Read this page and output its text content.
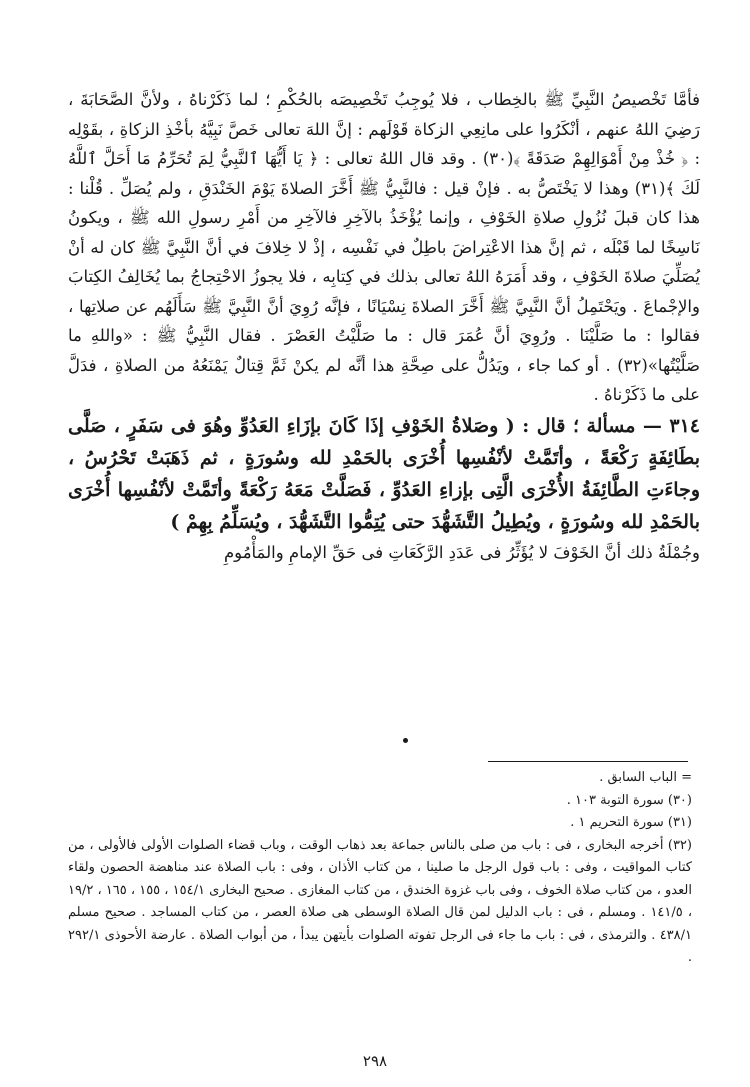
فأمَّا تَخْصيصُ النَّبِيِّ ﷺ بالخِطاب ، فلا يُوجِبُ تَخْصِيصَه بالحُكْمِ ؛ لما ذَكَرْناهُ ، ولأنَّ الصَّحَابَةَ ، رَضِيَ اللهُ عنهم ، أنْكَرُوا على مانِعِي الزكاة قَوْلَهم : إنَّ اللهَ تعالى خَصَّ نَبِيَّهُ بأخْذِ الزكاةِ ، بقَوْلِه : ﴿ خُذْ مِنْ أَمْوَالِهِمْ صَدَقَةً ﴾(٣٠) . وقد قال اللهُ تعالى : ﴿ يَا أَيُّهَا ٱلنَّبِيُّ لِمَ تُحَرِّمُ مَا أَحَلَّ ٱللَّهُ لَكَ ﴾(٣١) وهذا لا يَخْتَصُّ به . فإنْ قيل : فالنَّبِيُّ ﷺ أَخَّرَ الصلاةَ يَوْمَ الخَنْدَقِ ، ولم يُصَلِّ . قُلْنا : هذا كان قبلَ نُزُولِ صلاةِ الخَوْفِ ، وإنما يُؤْخَذُ بالآخِرِ فالآخِرِ من أَمْرِ رسولِ الله ﷺ ، ويكونُ نَاسِخًا لما قَبْلَه ، ثم إنَّ هذا الاعْتِراضَ باطِلٌ في نَفْسِه ، إذْ لا خِلافَ في أنَّ النَّبِيَّ ﷺ كان له أنْ يُصَلِّيَ صلاةَ الخَوْفِ ، وقد أَمَرَهُ اللهُ تعالى بذلك في كِتابِه ، فلا يجوزُ الاحْتِجاجُ بما يُخَالِفُ الكِتابَ والإجْماعَ . ويَحْتَمِلُ أنَّ النَّبِيَّ ﷺ أَخَّرَ الصلاةَ نِسْيَانًا ، فإنَّه رُوِيَ أنَّ النَّبِيَّ ﷺ سَأَلَهُم عن صلاتِها ، فقالوا : ما صَلَّيْنَا . ورُوِيَ أنَّ عُمَرَ قال : ما صَلَّيْتُ العَصْرَ . فقال النَّبِيُّ ﷺ : «واللهِ ما صَلَّيْتُها»(٣٢) . أو كما جاء ، ويَدُلُّ على صِحَّةِ هذا أنَّه لم يكنْ ثَمَّ قِتالٌ يَمْنَعُهُ من الصلاةِ ، فدَلَّ على ما ذَكَرْناهُ .

٣١٤ — مسألة ؛ قال : ( وصَلاةُ الخَوْفِ إذَا كَانَ بإزَاءِ العَدُوِّ وهُوَ فى سَفَرٍ ، صَلَّى بطَائِفَةٍ رَكْعَةً ، وأتَمَّتْ لأنْفُسِها أُخْرَى بالحَمْدِ لله وسُورَةٍ ، ثم ذَهَبَتْ تَحْرُسُ ، وجاءَتِ الطَّائِفَةُ الأُخْرَى الَّتِى بإزاءِ العَدُوِّ ، فَصَلَّتْ مَعَهُ رَكْعَةً وأتَمَّتْ لأنْفُسِها أُخْرَى بالحَمْدِ لله وسُورَةٍ ، ويُطِيلُ التَّشَهُّدَ حتى يُتِمُّوا التَّشَهُّدَ ، ويُسَلِّمُ بِهِمْ )

وجُمْلَةُ ذلك أنَّ الخَوْفَ لا يُؤَثِّرُ فى عَدَدِ الرَّكَعَاتِ فى حَقِّ الإمامِ والمَأْمُومِ

= الباب السابق .

(٣٠) سورة التوبة ١٠٣ .

(٣١) سورة التحريم ١ .

(٣٢) أخرجه البخارى ، فى : باب من صلى بالناس جماعة بعد ذهاب الوقت ، وباب قضاء الصلوات الأولى فالأولى ، من كتاب المواقيت ، وفى : باب قول الرجل ما صلينا ، من كتاب الأذان ، وفى : باب الصلاة عند مناهضة الحصون ولقاء العدو ، من كتاب صلاة الخوف ، وفى باب غزوة الخندق ، من كتاب المغازى . صحيح البخارى ١٥٤/١ ، ١٥٥ ، ١٦٥ ، ١٩/٢ ، ١٤١/٥ . ومسلم ، فى : باب الدليل لمن قال الصلاة الوسطى هى صلاة العصر ، من كتاب المساجد . صحيح مسلم ٤٣٨/١ . والترمذى ، فى : باب ما جاء فى الرجل تفوته الصلوات بأيتهن يبدأ ، من أبواب الصلاة . عارضة الأحوذى ٢٩٢/١ .

٢٩٨
